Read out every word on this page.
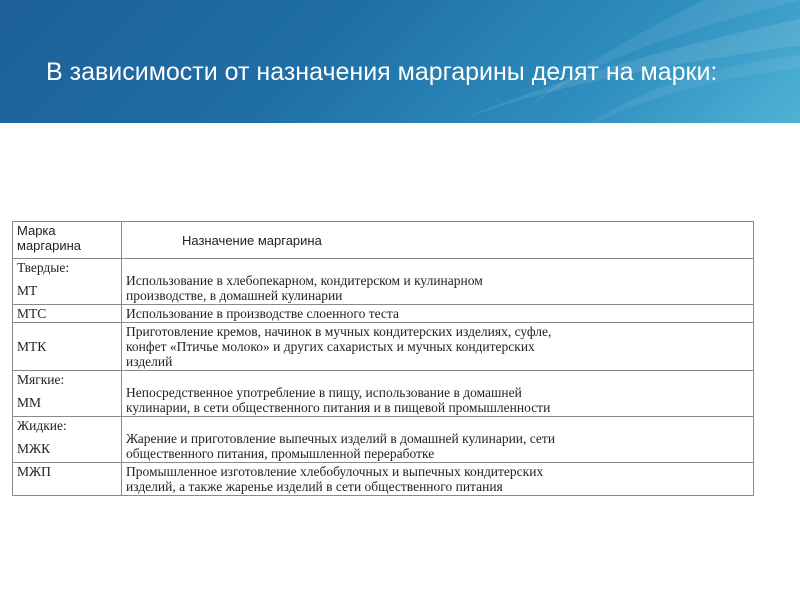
В зависимости от назначения маргарины делят на марки:
Марка маргарина	Назначение маргарина

Твердые:
МТ	Использование в хлебопекарном, кондитерском и кулинарном
производстве, в домашней кулинарии

МТС	Использование в производстве слоенного теста

МТК	Приготовление кремов, начинок в мучных кондитерских изделиях, суфле,
конфет «Птичье молоко» и других сахаристых и мучных кондитерских
изделий

Мягкие:
ММ	Непосредственное употребление в пищу, использование в домашней
кулинарии, в сети общественного питания и в пищевой промышленности

Жидкие:
МЖК	Жарение и приготовление выпечных изделий в домашней кулинарии, сети
общественного питания, промышленной переработке

МЖП	Промышленное изготовление хлебобулочных и выпечных кондитерских
изделий, а также жаренье изделий в сети общественного питания
